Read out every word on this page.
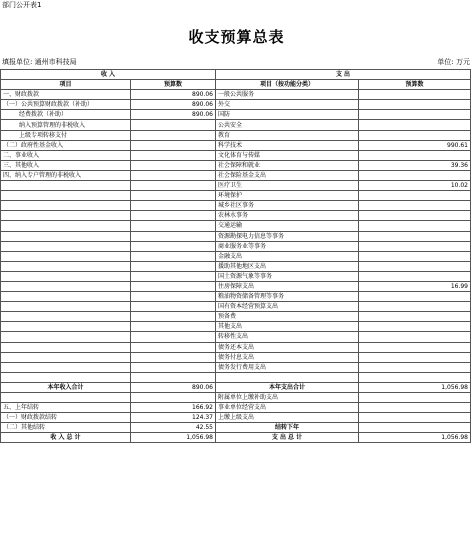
部门公开表1
收支预算总表
填报单位: 通州市科技局	单位: 万元
收 入		支 出	
项目	预算数	项目（按功能分类）	预算数
一、财政拨款	890.06	一般公共服务	
（一）公共预算财政拨款（补助）	890.06	外交	
经费拨款（补助）	890.06	国防	
纳入预算管理的非税收入		公共安全	
上级专项转移支付		教育	
（二）政府性基金收入		科学技术	990.61
二、事业收入		文化体育与传媒	
三、其他收入		社会保障和就业	39.36
四、纳入专户管理的非税收入		社会保险基金支出	
		医疗卫生	10.02
		环境保护	
		城乡社区事务	
		农林水事务	
		交通运输	
		资源勘探电力信息等事务	
		商业服务业等事务	
		金融支出	
		援助其他地区支出	
		国土资源气象等事务	
		住房保障支出	16.99
		粮油物资储备管理等事务	
		国有资本经营预算支出	
		预备费	
		其他支出	
		转移性支出	
		债务还本支出	
		债务付息支出	
		债务发行费用支出	

本年收入合计	890.06	本年支出合计	1,056.98
		附属单位上缴补助支出	
五、上年结转	166.92	事业单位经营支出	
（一）财政拨款结转	124.37	上缴上级支出	
（二）其他结转	42.55	结转下年	
收 入 总 计	1,056.98	支 出 总 计	1,056.98
